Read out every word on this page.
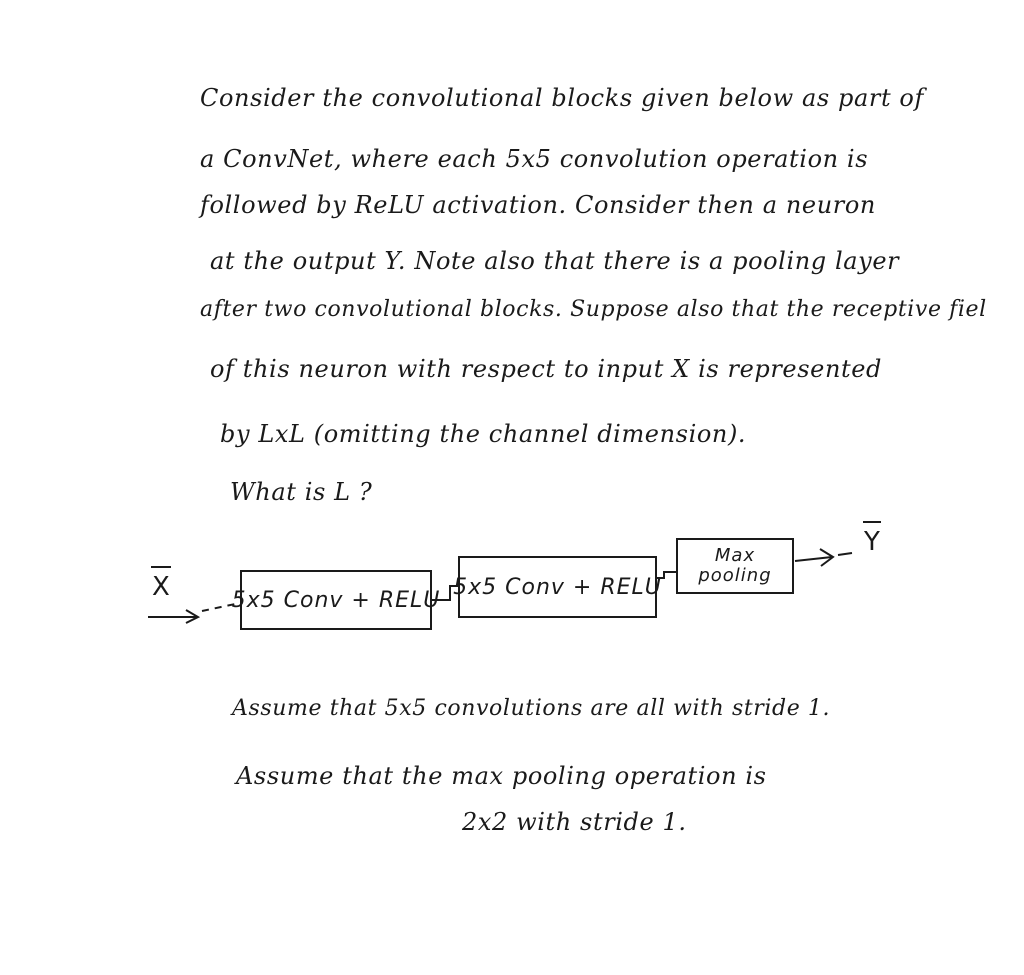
Consider the convolutional blocks given below as part of
a ConvNet, where each 5x5 convolution operation is
followed by ReLU activation. Consider then a neuron
at the output Y. Note also that there is a pooling layer
after two convolutional blocks. Suppose also that the receptive fiel
of this neuron with respect to input X is represented
by LxL (omitting the channel dimension).
What is L ?
X	5x5 Conv + RELU
5x5 Conv + RELU
Max
pooling
Y
Assume that 5x5 convolutions are all with stride 1.
Assume that the max pooling operation is
2x2 with stride 1.
